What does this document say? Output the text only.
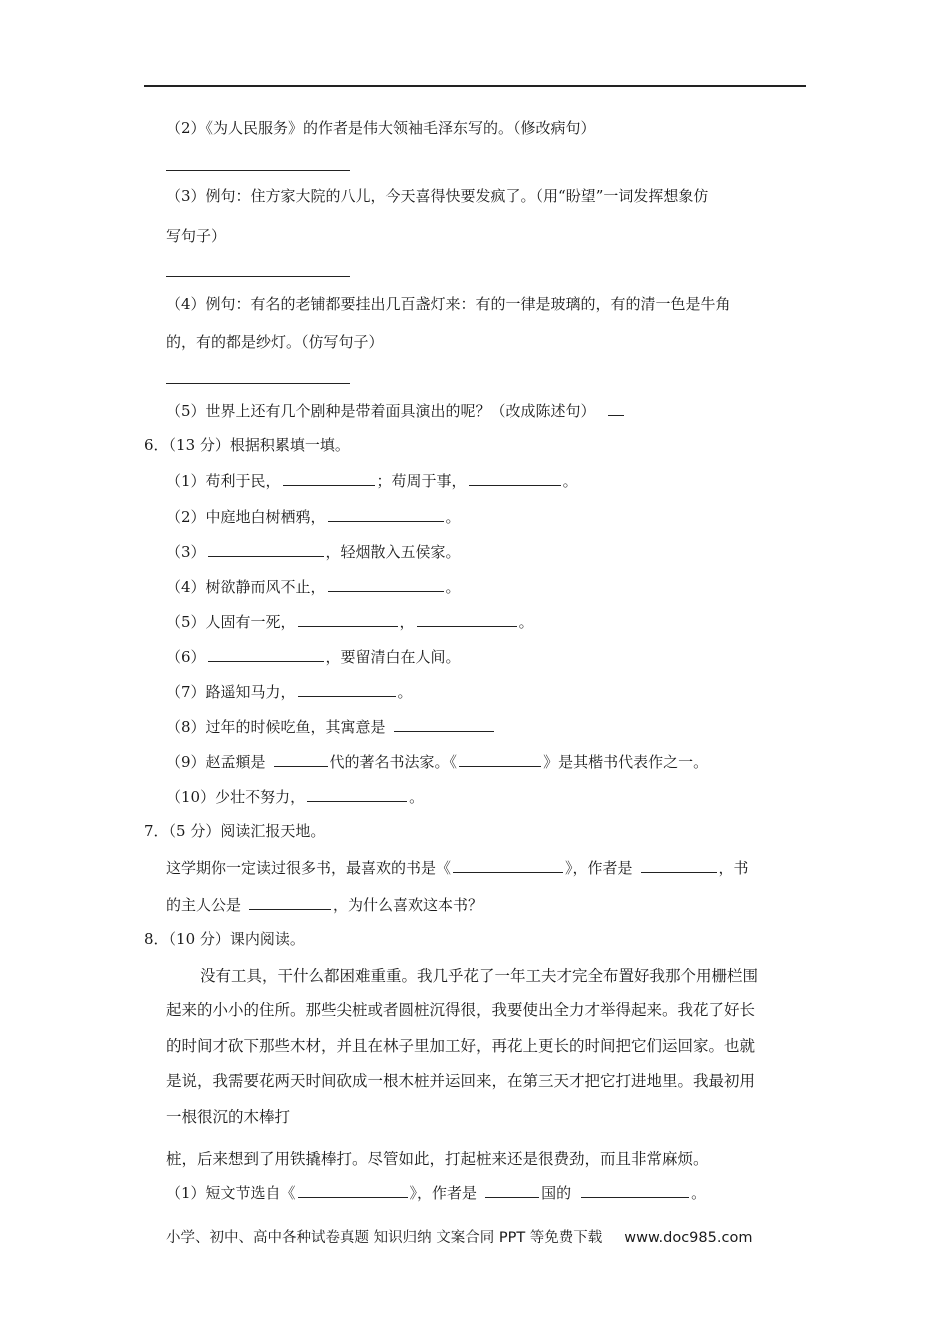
（2）《为人民服务》的作者是伟大领袖毛泽东写的。（修改病句）
（3）例句：住方家大院的八儿，今天喜得快要发疯了。（用“盼望”一词发挥想象仿
写句子）
（4）例句：有名的老铺都要挂出几百盏灯来：有的一律是玻璃的，有的清一色是牛角
的，有的都是纱灯。（仿写句子）
（5）世界上还有几个剧种是带着面具演出的呢？（改成陈述句）
6．（13 分）根据积累填一填。
（1）苟利于民，	；苟周于事，	。
（2）中庭地白树栖鸦，	。
（3）	，轻烟散入五侯家。
（4）树欲静而风不止，	。
（5）人固有一死，	，	。
（6）	，要留清白在人间。
（7）路遥知马力，	。
（8）过年的时候吃鱼，其寓意是
（9）赵孟頫是	代的著名书法家。《	》是其楷书代表作之一。
（10）少壮不努力，	。
7．（5 分）阅读汇报天地。
这学期你一定读过很多书，最喜欢的书是《	》，作者是	，书
的主人公是	，为什么喜欢这本书？
8．（10 分）课内阅读。
没有工具，干什么都困难重重。我几乎花了一年工夫才完全布置好我那个用栅栏围
起来的小小的住所。那些尖桩或者圆桩沉得很，我要使出全力才举得起来。我花了好长
的时间才砍下那些木材，并且在林子里加工好，再花上更长的时间把它们运回家。也就
是说，我需要花两天时间砍成一根木桩并运回来，在第三天才把它打进地里。我最初用
一根很沉的木棒打
桩，后来想到了用铁撬棒打。尽管如此，打起桩来还是很费劲，而且非常麻烦。
（1）短文节选自《	》，作者是	国的	。
小学、初中、高中各种试卷真题 知识归纳 文案合同 PPT 等免费下载 www.doc985.com
